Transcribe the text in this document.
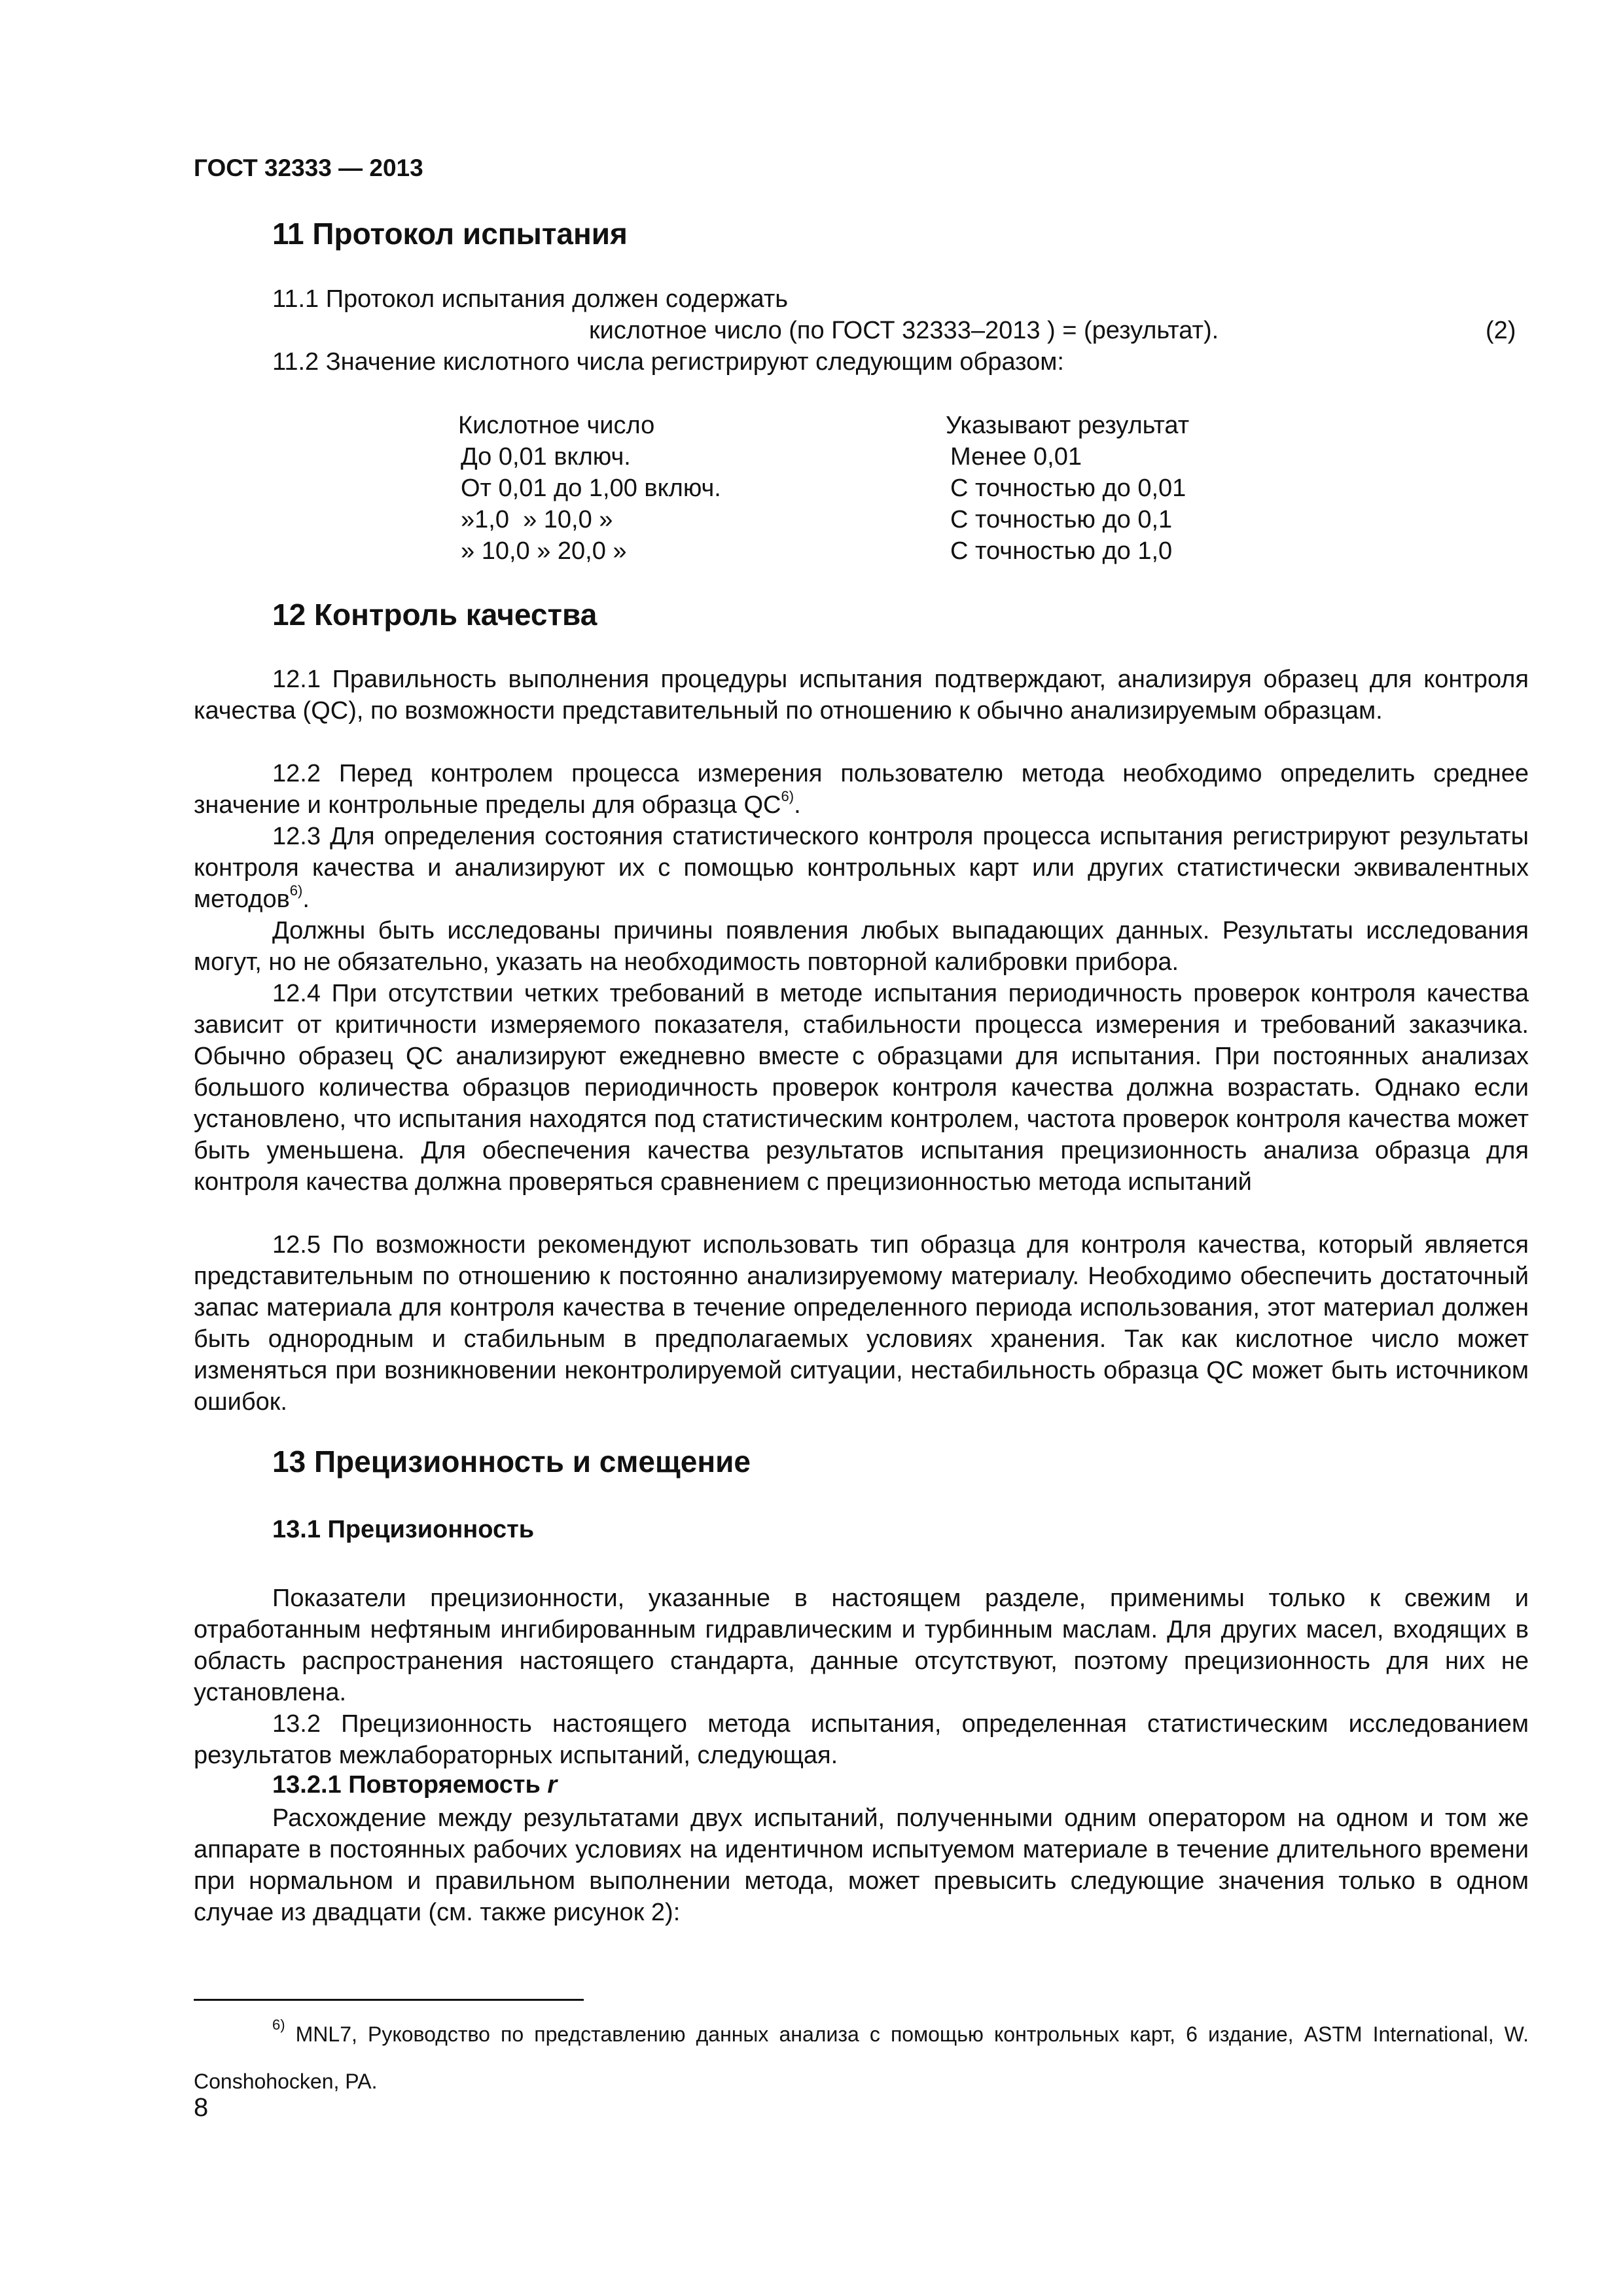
ГОСТ 32333 — 2013
11 Протокол испытания
11.1 Протокол испытания должен содержать
кислотное число (по ГОСТ 32333–2013 ) = (результат).	(2)
11.2 Значение кислотного числа регистрируют следующим образом:
Кислотное число	Указывают результат
До 0,01 включ.	Менее 0,01
От 0,01 до 1,00 включ.	С точностью до 0,01
»1,0  » 10,0 »	С точностью до 0,1
» 10,0 » 20,0 »	С точностью до 1,0
12 Контроль качества

12.1 Правильность выполнения процедуры испытания подтверждают, анализируя образец для контроля качества (QC), по возможности представительный по отношению к обычно анализируемым образцам.

12.2 Перед контролем процесса измерения пользователю метода необходимо определить среднее значение и контрольные пределы для образца QC$^{6)}$.

12.3 Для определения состояния статистического контроля процесса испытания регистрируют результаты контроля качества и анализируют их с помощью контрольных карт или других статистически эквивалентных методов$^{6)}$.

Должны быть исследованы причины появления любых выпадающих данных. Результаты исследования могут, но не обязательно, указать на необходимость повторной калибровки прибора.

12.4 При отсутствии четких требований в методе испытания периодичность проверок контроля качества зависит от критичности измеряемого показателя, стабильности процесса измерения и требований заказчика. Обычно образец QC анализируют ежедневно вместе с образцами для испытания. При постоянных анализах большого количества образцов периодичность проверок контроля качества должна возрастать. Однако если установлено, что испытания находятся под статистическим контролем, частота проверок контроля качества может быть уменьшена. Для обеспечения качества результатов испытания прецизионность анализа образца для контроля качества должна проверяться сравнением с прецизионностью метода испытаний

12.5 По возможности рекомендуют использовать тип образца для контроля качества, который является представительным по отношению к постоянно анализируемому материалу. Необходимо обеспечить достаточный запас материала для контроля качества в течение определенного периода использования, этот материал должен быть однородным и стабильным в предполагаемых условиях хранения. Так как кислотное число может изменяться при возникновении неконтролируемой ситуации, нестабильность образца QC может быть источником ошибок.

13 Прецизионность и смещение
13.1 Прецизионность

Показатели прецизионности, указанные в настоящем разделе, применимы только к свежим и отработанным нефтяным ингибированным гидравлическим и турбинным маслам. Для других масел, входящих в область распространения настоящего стандарта, данные отсутствуют, поэтому прецизионность для них не установлена.

13.2 Прецизионность настоящего метода испытания, определенная статистическим исследованием результатов межлабораторных испытаний, следующая.

13.2.1 Повторяемость r

Расхождение между результатами двух испытаний, полученными одним оператором на одном и том же аппарате в постоянных рабочих условиях на идентичном испытуемом материале в течение длительного времени при нормальном и правильном выполнении метода, может превысить следующие значения только в одном случае из двадцати (см. также рисунок 2):

$^{6)}$ MNL7, Руководство по представлению данных анализа с помощью контрольных карт, 6 издание, ASTM International, W. Conshohocken, PA.

8
